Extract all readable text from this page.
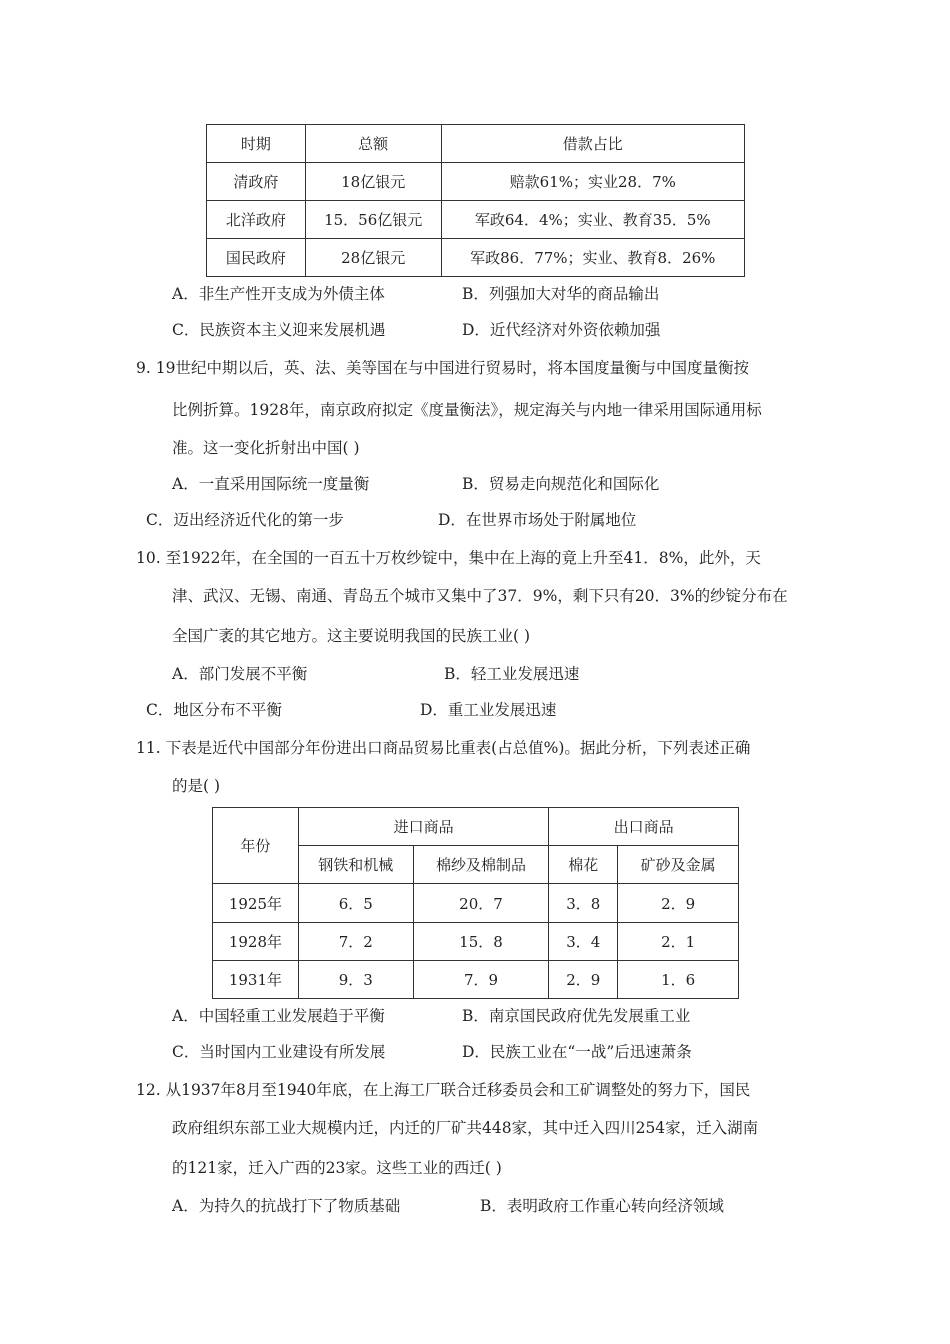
时期	总额	借款占比
清政府	18亿银元	赔款61%；实业28．7%
北洋政府	15．56亿银元	军政64．4%；实业、教育35．5%
国民政府	28亿银元	军政86．77%；实业、教育8．26%
A．非生产性开支成为外债主体	B．列强加大对华的商品输出
C．民族资本主义迎来发展机遇	D．近代经济对外资依赖加强
9. 19世纪中期以后，英、法、美等国在与中国进行贸易时，将本国度量衡与中国度量衡按
比例折算。1928年，南京政府拟定《度量衡法》，规定海关与内地一律采用国际通用标
准。这一变化折射出中国( )
A．一直采用国际统一度量衡	B．贸易走向规范化和国际化
C．迈出经济近代化的第一步	D．在世界市场处于附属地位
10. 至1922年，在全国的一百五十万枚纱锭中，集中在上海的竟上升至41．8%，此外，天
津、武汉、无锡、南通、青岛五个城市又集中了37．9%，剩下只有20．3%的纱锭分布在
全国广袤的其它地方。这主要说明我国的民族工业( )
A．部门发展不平衡	B．轻工业发展迅速
C．地区分布不平衡	D．重工业发展迅速
11. 下表是近代中国部分年份进出口商品贸易比重表(占总值%)。据此分析，下列表述正确
的是( )
年份	进口商品		出口商品	
	钢铁和机械	棉纱及棉制品	棉花	矿砂及金属
1925年	6．5	20．7	3．8	2．9
1928年	7．2	15．8	3．4	2．1
1931年	9．3	7．9	2．9	1．6
A．中国轻重工业发展趋于平衡	B．南京国民政府优先发展重工业
C．当时国内工业建设有所发展	D．民族工业在“一战”后迅速萧条
12. 从1937年8月至1940年底，在上海工厂联合迁移委员会和工矿调整处的努力下，国民
政府组织东部工业大规模内迁，内迁的厂矿共448家，其中迁入四川254家，迁入湖南
的121家，迁入广西的23家。这些工业的西迁( )
A．为持久的抗战打下了物质基础	B．表明政府工作重心转向经济领域
